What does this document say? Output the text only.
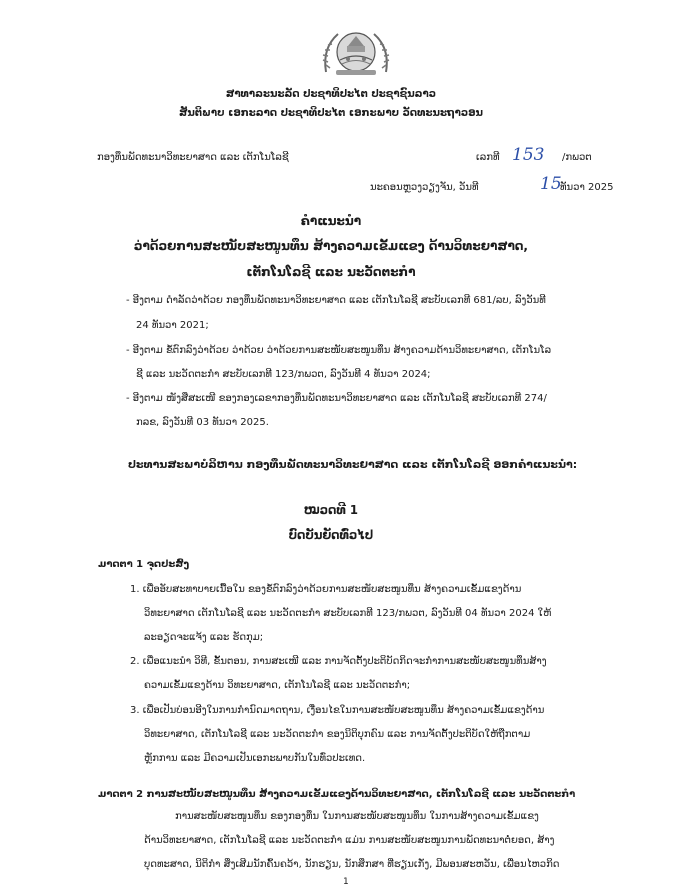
ສາທາລະນະລັດ ປະຊາທິປະໄຕ ປະຊາຊົນລາວ
ສັນຕິພາບ ເອກະລາດ ປະຊາທິປະໄຕ ເອກະພາບ ວັດທະນະຖາວອນ
ກອງທຶນພັດທະນາວິທະຍາສາດ ແລະ ເຕັກໂນໂລຊີ	ເລກທີ 153 /ກພວຕ
ນະຄອນຫຼວງວຽງຈັນ, ວັນທີ	15
ທັນວາ 2025
ຄຳແນະນຳ
ວ່າດ້ວຍການສະໜັບສະໜູນທຶນ ສ້າງຄວາມເຂັ້ມແຂງ ດ້ານວິທະຍາສາດ,
ເຕັກໂນໂລຊີ ແລະ ນະວັດຕະກຳ
- ອີງຕາມ ດຳລັດວ່າດ້ວຍ ກອງທຶນພັດທະນາວິທະຍາສາດ ແລະ ເຕັກໂນໂລຊີ ສະບັບເລກທີ 681/ລບ, ລົງວັນທີ
24 ທັນວາ 2021;
- ອີງຕາມ ຂໍ້ຕົກລົງວ່າດ້ວຍ ວ່າດ້ວຍ ວ່າດ້ວຍການສະໜັບສະໜູນທຶນ ສ້າງຄວາມດ້ານວິທະຍາສາດ, ເຕັກໂນໂລ
ຊີ ແລະ ນະວັດຕະກຳ ສະບັບເລກທີ 123/ກພວຕ, ລົງວັນທີ 4 ທັນວາ 2024;
- ອີງຕາມ ໜັງສືສະເໜີ ຂອງກອງເລຂາກອງທຶນພັດທະນາວິທະຍາສາດ ແລະ ເຕັກໂນໂລຊີ ສະບັບເລກທີ 274/
ກລຂ, ລົງວັນທີ 03 ທັນວາ 2025.
ປະທານສະພາບໍລິຫານ ກອງທຶນພັດທະນາວິທະຍາສາດ ແລະ ເຕັກໂນໂລຊີ ອອກຄຳແນະນຳ:
ໝວດທີ 1
ບົດບັນຍັດທົ່ວໄປ
ມາດຕາ 1 ຈຸດປະສົງ
1. ເພື່ອອັບສະທາບາຍເນື້ອໃນ ຂອງຂໍ້ຕົກລົງວ່າດ້ວຍການສະໜັບສະໜູນທຶນ ສ້າງຄວາມເຂັ້ມແຂງດ້ານ
ວິທະຍາສາດ ເຕັກໂນໂລຊີ ແລະ ນະວັດຕະກຳ ສະບັບເລກທີ 123/ກພວຕ, ລົງວັນທີ 04 ທັນວາ 2024 ໃຫ້
ລະອຽດຈະແຈ້ງ ແລະ ຮັດກຸມ;
2. ເພື່ອແນະນຳ ວິທີ, ຂັ້ນຕອນ, ການສະເໜີ ແລະ ການຈັດຕັ້ງປະຕິບັດກິດຈະກຳການສະໜັບສະໜູນທຶນສ້າງ
ຄວາມເຂັ້ມແຂງດ້ານ ວິທະຍາສາດ, ເຕັກໂນໂລຊີ ແລະ ນະວັດຕະກຳ;
3. ເພື່ອເປັນບ່ອນອີງໃນການກຳນົດມາດຖານ, ເງື່ອນໄຂໃນການສະໜັບສະໜູນທຶນ ສ້າງຄວາມເຂັ້ມແຂງດ້ານ
ວິທະຍາສາດ, ເຕັກໂນໂລຊີ ແລະ ນະວັດຕະກຳ ຂອງນິຕິບຸກຄົນ ແລະ ການຈັດຕັ້ງປະຕິບັດໃຫ້ຖືກຕາມ
ຫຼັກການ ແລະ ມີຄວາມເປັນເອກະພາບກັນໃນທົ່ວປະເທດ.
ມາດຕາ 2 ການສະໜັບສະໜູນທຶນ ສ້າງຄວາມເຂັ້ມແຂງດ້ານວິທະຍາສາດ, ເຕັກໂນໂລຊີ ແລະ ນະວັດຕະກຳ
ການສະໜັບສະໜູນທຶນ ຂອງກອງທຶນ ໃນການສະໜັບສະໜູນທຶນ ໃນການສ້າງຄວາມເຂັ້ມແຂງ
ດ້ານວິທະຍາສາດ, ເຕັກໂນໂລຊີ ແລະ ນະວັດຕະກຳ ແມ່ນ ການສະໜັບສະໜູນການພັດທະນາຕໍ່ຍອດ, ສ້າງ
ບຸດທະສາດ, ນິຕິກຳ ສິ່ງເສີມນັກຄົ້ນຄວ້າ, ນັກຮຽນ, ນັກສຶກສາ ທີ່ຮຽນເກັ່ງ, ມີພອນສະຫວັນ, ເພື່ອນໄຫວກິດ
1
